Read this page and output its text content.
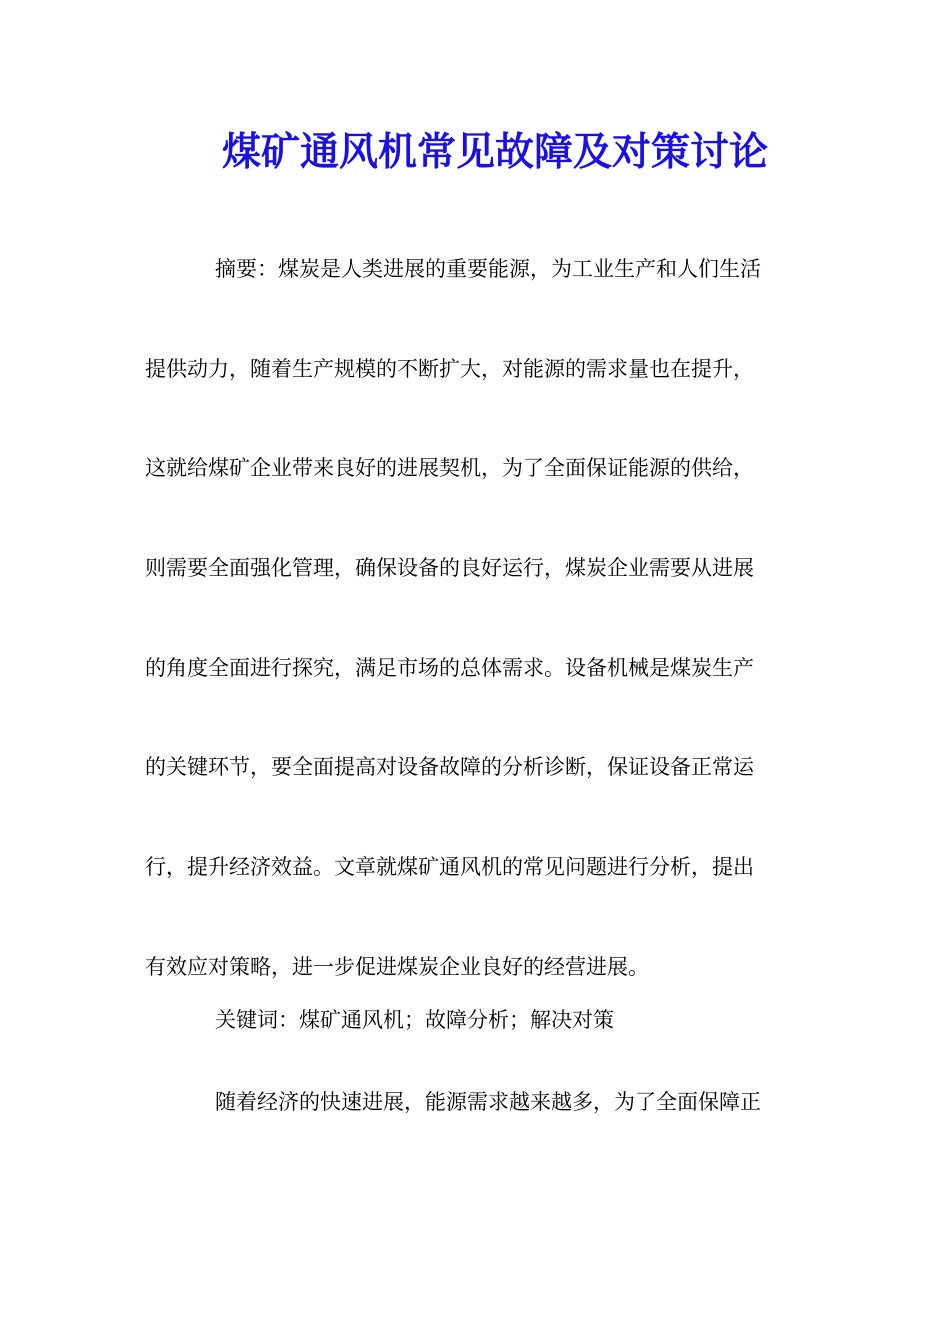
煤矿通风机常见故障及对策讨论
摘要：煤炭是人类进展的重要能源，为工业生产和人们生活
提供动力，随着生产规模的不断扩大，对能源的需求量也在提升，
这就给煤矿企业带来良好的进展契机，为了全面保证能源的供给，
则需要全面强化管理，确保设备的良好运行，煤炭企业需要从进展
的角度全面进行探究，满足市场的总体需求。设备机械是煤炭生产
的关键环节，要全面提高对设备故障的分析诊断，保证设备正常运
行，提升经济效益。文章就煤矿通风机的常见问题进行分析，提出
有效应对策略，进一步促进煤炭企业良好的经营进展。
关键词：煤矿通风机；故障分析；解决对策
随着经济的快速进展，能源需求越来越多，为了全面保障正
